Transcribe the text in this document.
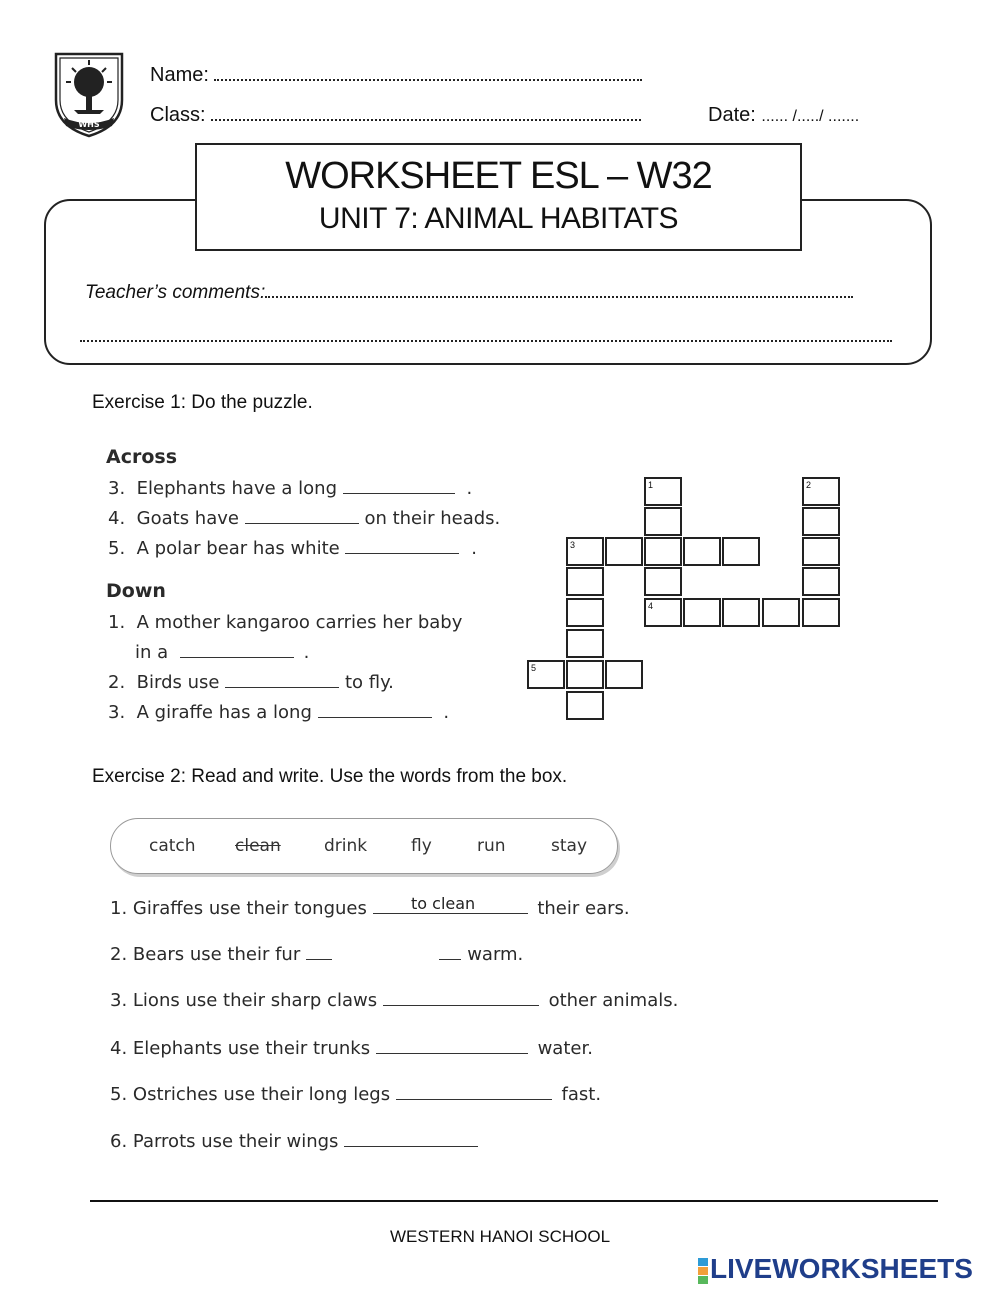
WHS
Name:
Class:	Date: ...... /...../ .......
Teacher’s comments:
WORKSHEET ESL – W32
UNIT 7: ANIMAL HABITATS
Exercise 1: Do the puzzle.
Across
3. Elephants have a long	.
4. Goats have	on their heads.
5. A polar bear has white	.
Down
1. A mother kangaroo carries her baby
in a	.
2. Birds use	to fly.
3. A giraffe has a long	.
1
4
2
3
5
Exercise 2: Read and write. Use the words from the box.
catch clean	drink	fly	run	stay
1. Giraffes use their tongues	their ears.
to clean
2. Bears use their fur	warm.
3. Lions use their sharp claws	other animals.
4. Elephants use their trunks	water.
5. Ostriches use their long legs	fast.
6. Parrots use their wings
WESTERN HANOI SCHOOL
LIVEWORKSHEETS
